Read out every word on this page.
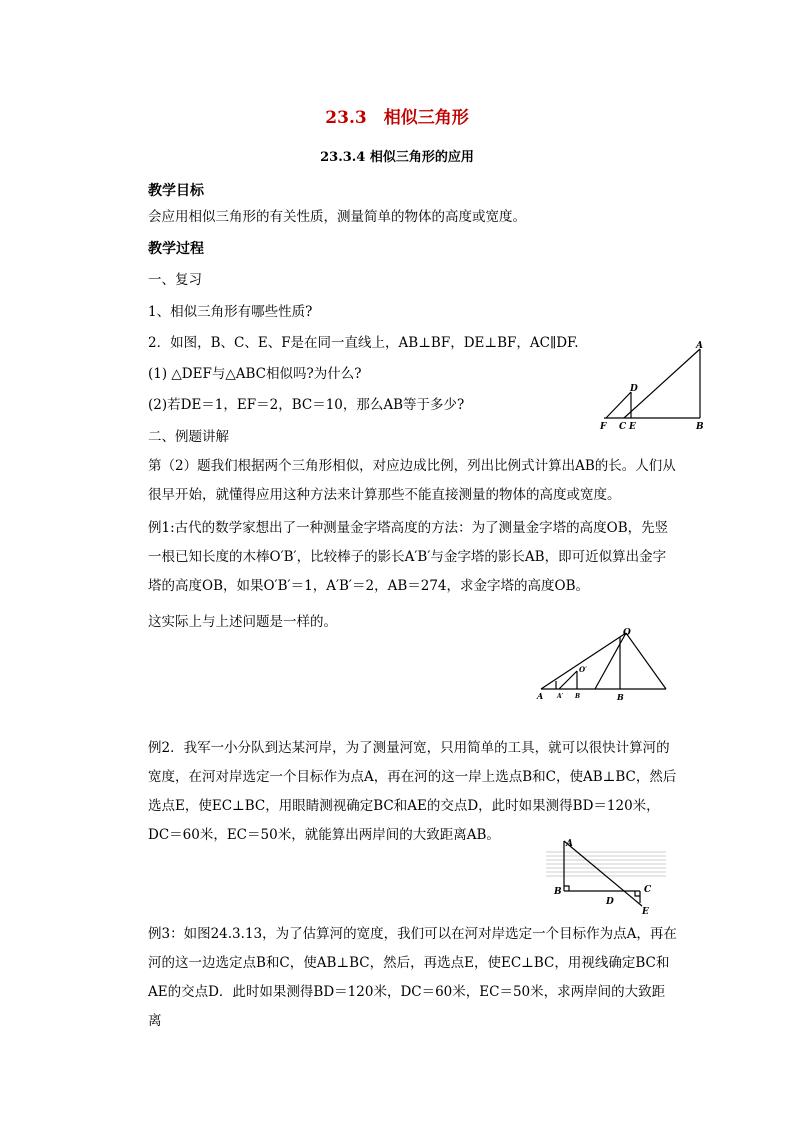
23.3　相似三角形
23.3.4 相似三角形的应用
教学目标
会应用相似三角形的有关性质，测量简单的物体的高度或宽度。
教学过程
一、复习
1、相似三角形有哪些性质?
2．如图，B、C、E、F是在同一直线上，AB⊥BF，DE⊥BF，AC∥DF.
(1) △DEF与△ABC相似吗?为什么?
(2)若DE＝1，EF＝2，BC＝10，那么AB等于多少?
A
D
F C E	B
二、例题讲解
第（2）题我们根据两个三角形相似，对应边成比例，列出比例式计算出AB的长。人们从很早开始，就懂得应用这种方法来计算那些不能直接测量的物体的高度或宽度。
例1:古代的数学家想出了一种测量金字塔高度的方法：为了测量金字塔的高度OB，先竖一根已知长度的木棒O′B′，比较棒子的影长A′B′与金字塔的影长AB，即可近似算出金字塔的高度OB，如果O′B′＝1，A′B′＝2，AB＝274，求金字塔的高度OB。
这实际上与上述问题是一样的。
O
O′
A A′ B	B
例2．我军一小分队到达某河岸，为了测量河宽，只用简单的工具，就可以很快计算河的宽度，在河对岸选定一个目标作为点A，再在河的这一岸上选点B和C，使AB⊥BC，然后选点E，使EC⊥BC，用眼睛测视确定BC和AE的交点D，此时如果测得BD＝120米，DC＝60米，EC＝50米，就能算出两岸间的大致距离AB。
A
B	C
D
E
例3：如图24.3.13，为了估算河的宽度，我们可以在河对岸选定一个目标作为点A，再在河的这一边选定点B和C，使AB⊥BC，然后，再选点E，使EC⊥BC，用视线确定BC和AE的交点D．此时如果测得BD＝120米，DC＝60米，EC＝50米，求两岸间的大致距离
